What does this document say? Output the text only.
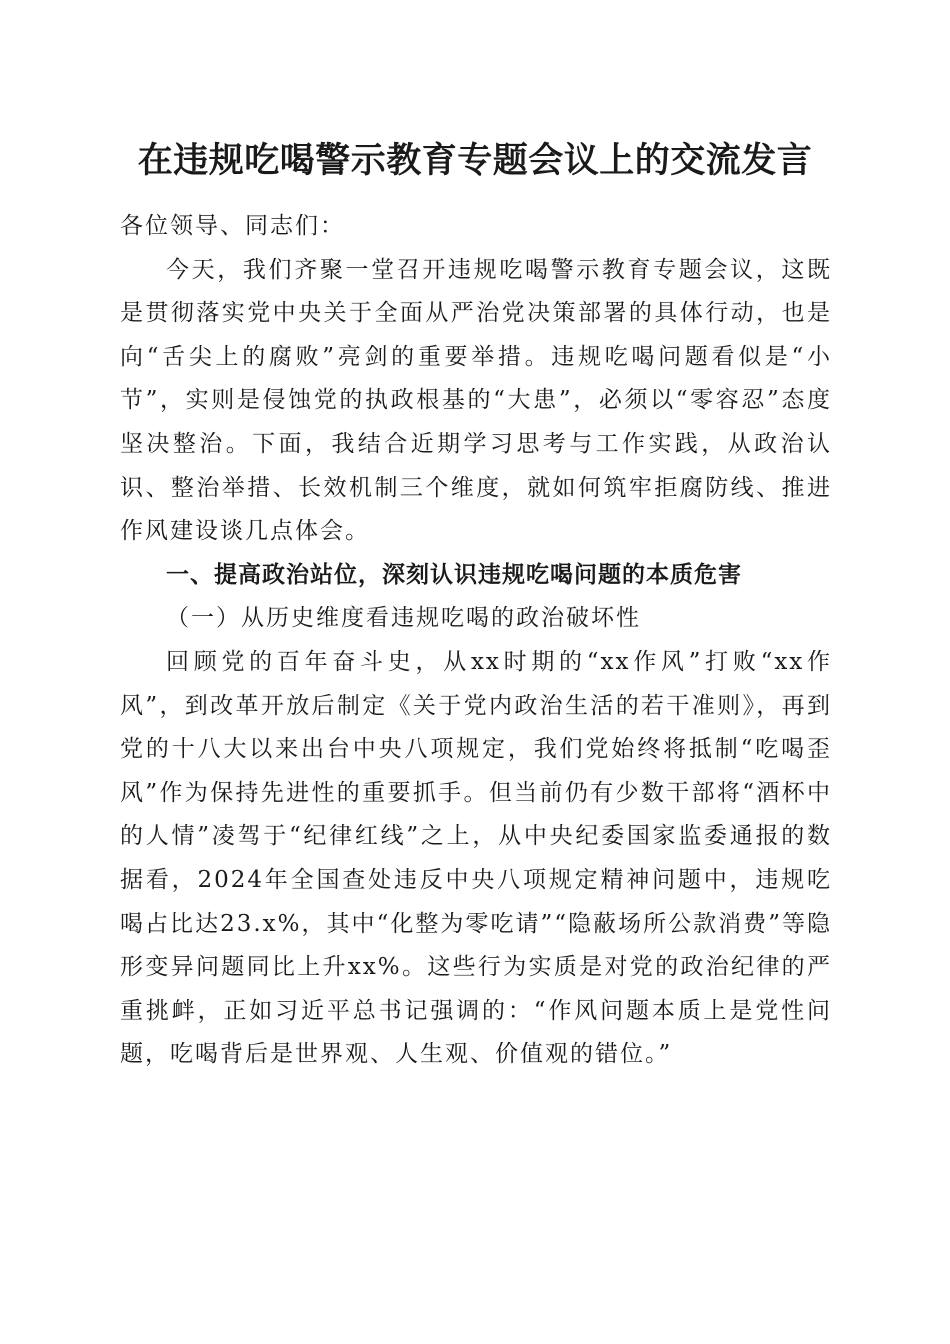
在违规吃喝警示教育专题会议上的交流发言

各位领导、同志们：

今天，我们齐聚一堂召开违规吃喝警示教育专题会议，这既是贯彻落实党中央关于全面从严治党决策部署的具体行动，也是向“舌尖上的腐败”亮剑的重要举措。违规吃喝问题看似是“小节”，实则是侵蚀党的执政根基的“大患”，必须以“零容忍”态度坚决整治。下面，我结合近期学习思考与工作实践，从政治认识、整治举措、长效机制三个维度，就如何筑牢拒腐防线、推进作风建设谈几点体会。

一、提高政治站位，深刻认识违规吃喝问题的本质危害

（一）从历史维度看违规吃喝的政治破坏性

回顾党的百年奋斗史，从xx时期的“xx作风”打败“xx作风”，到改革开放后制定《关于党内政治生活的若干准则》，再到党的十八大以来出台中央八项规定，我们党始终将抵制“吃喝歪风”作为保持先进性的重要抓手。但当前仍有少数干部将“酒杯中的人情”凌驾于“纪律红线”之上，从中央纪委国家监委通报的数据看，2024年全国查处违反中央八项规定精神问题中，违规吃喝占比达23.x%，其中“化整为零吃请”“隐蔽场所公款消费”等隐形变异问题同比上升xx%。这些行为实质是对党的政治纪律的严重挑衅，正如习近平总书记强调的：“作风问题本质上是党性问题，吃喝背后是世界观、人生观、价值观的错位。”
